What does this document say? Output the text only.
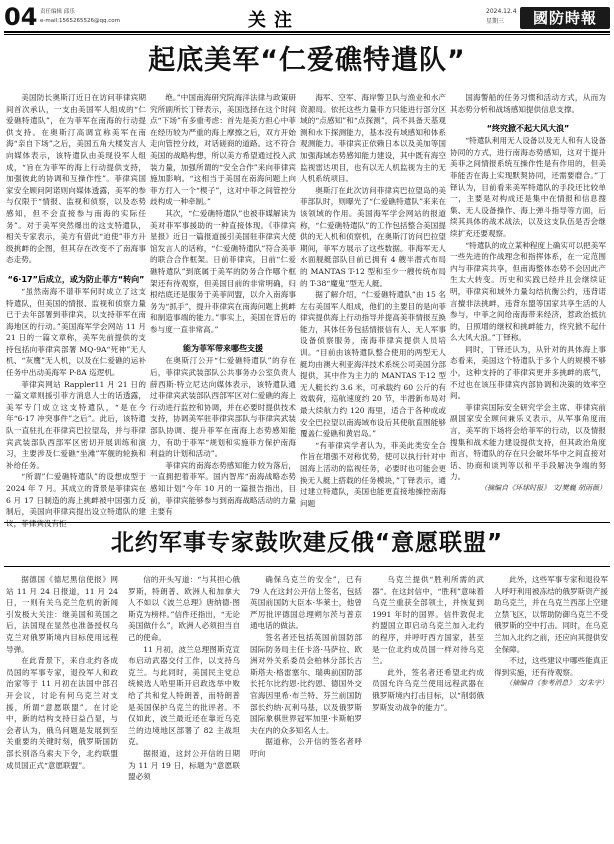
04 责任编辑 邱乐
e-mail:1565265526@qq.com	关注	2024.12.4
星期三	國防時報
起底美军“仁爱礁特遣队”

美国防长奥斯汀近日在访问菲律宾期间首次承认，一支由美国军人组成的“仁爱礁特遣队”，在为菲军在南海的行动提供支持。在奥斯汀高调宣称美军在南海“亲自下场”之后，美国五角大楼发言人向媒体表示，该特遣队由美现役军人组成，“旨在为菲军的海上行动提供支持，加强彼此的协调和互操作性”。菲律宾国家安全顾问阿诺则向媒体透露，美军的参与仅限于“情报、监视和侦察，以及态势感知，但不会直接参与南海的实际任务”。对于美军突然爆出的这支特遣队，相关专家表示，美方有借此“迫使”菲方升级挑衅的企图，但其存在改变不了南海事态走势。

“6·17”后成立，或为防止菲方“转向”

“虽然南海不谱菲军何时成立了这支特遣队，但美国的情报、监视和侦察力量已于去年部署到菲律宾，以支持菲军在南海地区的行动。”美国海军学会网站 11 月 21 日的一篇文章称，美军先前提供的支持包括向菲律宾部署 MQ-9A“死神”无人机、“灰鹰”无人机，以及在仁爱礁的运补任务中出动美海军 P-8A 巡逻机。

菲律宾网站 Rappler11 月 21 日的一篇文章则援引菲方消息人士的话透露，美军专门成立这支特遣队，“是在今年“6·17 冲突事件”之后”。此后，该特遣队一直驻扎在菲律宾巴拉望岛，并与菲律宾武装部队西部军区密切开展训练和演习，主要涉及仁爱礁“坐滩”军舰的轮换和补给任务。

“所谓”仁爱礁特遣队”的设想成型于 2024 年 7 月。其成立的背景是菲律宾在 6 月 17 日制造的海上挑衅被中国强力反制后，美国向菲律宾提出设立特遣队的建议，菲律宾没有拒

绝。”中国南海研究院海洋法律与政策研究所副所长丁铎表示，美国选择在这个时间点“下场”有多重考虑：首先是美方担心中菲在经历较为严重的海上摩擦之后，双方开始走向管控分歧，对话磋商的道路。这不符合美国的战略构想，所以美方希望通过投入武装力量，加强所谓的“安全合作”来向菲律宾施加影响。“这相当于美国在南海问题上向菲方打入一个“楔子”，这对中菲之间管控分歧构成一种牵制。”

其次，“仁爱礁特遣队”也被菲媒解读为美对菲军事援助的一种直接体现。《菲律宾星报》近日一篇报道援引美国驻菲律宾大使馆发言人的话称，“仁爱礁特遣队”符合美菲的联合合作框架。日前菲律宾，日前“仁爱礁特遣队”到底属于美军的防务合作哪个框架还有待观察，但美国目前的非常明确，归根结底还是服务于美菲同盟，以介入南海事务为“抓手”，提升菲律宾在南海问题上挑衅和制造事端的能力。”事实上，美国在背后的参与度一直非常高。”

能为菲军带来哪些支援

在奥斯汀公开“仁爱礁特遣队”的存在后，菲律宾武装部队公共事务办公室负责人薛西斯·特立尼达向媒体表示，该特遣队通过菲律宾武装部队西部军区对仁爱礁的海上行动进行监控和协调，并在必要时提供技术支持，协调美军驻菲律宾部队与菲律宾武装部队协调、提升菲军在南海上态势感知能力，有助于菲军“规划和实施菲方保护南海利益的计划和活动”。

菲律宾的南海态势感知能力较为落后，一直拥把着菲军。国内智库“南海战略态势感知计划”今年 10 月的一篇报告指出，目前，菲律宾能够参与到南海战略活动的力量主要有

海军、空军、海岸警卫队与渔业和水产资源局。依托这些力量菲方只能进行部分区域的“点感知”和“点探测”，尚不具备天基观测和水下探测能力，基本没有域感知和体系观测能力。菲律宾正依赖日本以及美加等国加强海域态势感知能力建设，其中既有海空监视雷达项目，也有以无人机监视为主的无人机系统项目。

奥斯汀在此次访问菲律宾巴拉望岛的美菲部队时，则曝光了“仁爱礁特遣队”来来在该领域的作用。美国海军学会网站的报道称，“仁爱礁特遣队”的工作包括整合美国提供的无人机和侦察机，在奥斯汀访问巴拉望期间，菲军方展示了这些数据。菲海军无人水面舰艇部队目前已拥有 4 艘半潜式布局的 MANTAS T-12 型和至少一艘传统布局的 T-38“魔鬼”型无人艇。

据了解介绍，“仁爱礁特遣队”由 15 名左右美国军人组成，他们的主要目的是向菲律宾提供海上行动指导并提高美菲情报互换能力，其体任务包括情报信有人、无人军事设备侦察服务，南海菲律宾提供人员培训。“目前由该特遣队整合使用的两型无人艇均由澳大利亚海洋技术系统公司美国分部提供，其中作为主力的 MANTAS T-12 型无人艇长约 3.6 米，可承载约 60 公斤的有效载荷，巡航速度约 20 节，半潜新布局对最大续航力约 120 海里，适合于各种成或安全巴拉望以南海域布设后其使航直围能够覆盖仁爱礁和黄岩岛。”

“有菲律宾学者认为，菲美此类安全合作旨在增强不对称优势，使可以执行针对中国海上活动的监视任务，必要时也可能会更换无人艇上搭载的任务模块，”丁铎表示，通过建立特遣队，美国也能更直接地操控南海问题

国海警船的任务习惯和活动方式，从而为其态势分析和战场感知提供信息支撑。

“终究掀不起大风大浪”

“特遣队利用无人设备以及无人和有人设备协同的方式，进行南海态势感知，这对于提升美菲之间情报系统互操作性是有作用的，但美菲能否在海上实现默契协同，还需要磨合。”丁铎认为，目前看来美军特遣队的手段还比较单一，主要是对构成还是集中在情报和信息搜集、无人设备操作、海上弹斗指导等方面，后续其具体的战术战法，以及这支队伍是否会继续扩充还要观察。

“特遣队的成立某种程度上确实可以把美军一些先进的作战理念和指挥体系，在一定范围内与菲律宾共享，但南海整体态势不会因此产生太大转变。历史和实践已经并且会继续证明，菲律宾和域外力量勾结抗衡公约，违背诺言擅非法挑衅，违背东盟等国家共享生活的人参与，中菲之间给南海带来经济，惹政治抵抗的，日照增的继权和挑衅能力，终究掀不起什么大风大浪。”丁铎称。

同时，丁铎还认为，从针对的具体海上事态看来，美国这个特遣队于多个人的规模不够小，这种支持的了菲律宾更并多挑衅的底气，不过也在该压菲律宾内部协调和决策的效率空间。

菲律宾国际安全研究学会主席、菲律宾前副国家安全顾问兼乐义表示，从军事角度而言，美军的下场将会给菲军的行动，以及情报搜集和战术能力建设提供支持，但其政治角度而言，特遣队的存在只会破坏华中之间直接对话、协商和谈判等以和平手段解决争端的努力。

（摘编自《环球时报》 文/樊巍 胡雨薇）

北约军事专家鼓吹建反俄“意愿联盟”

据德国《德尼黑信使报》网站 11 月 24 日报道，11 月 24 日，一则有关乌克兰危机的新闻引发极大关注：继美国和英国之后，法国现在显然也准备授权乌克兰对俄罗斯境内目标使用远程导弹。

在此背景下，来自北约各成员国的军事专家，退役军人和政治家等于 11 月初在法国中部召开会议，讨论有何乌克兰对支援，所谓“意愿联盟”。在讨论中，新的结构支持日益凸显，与会者认为，俄乌问题是发展到至关重要的关键时刻，俄罗斯国防部长别洛乌索夫下令，北约联盟成员国正式“意愿联盟”。

信的开头写道：“与其担心俄罗斯，特朗普、欧洲人和加拿大人不如以《波兰总理》唐纳德·图斯克为榜样。”信件还指出，“无论美国做什么”，欧洲人必须担当自己的使命。

11 月初，波兰总理图斯克宣布启动武器交付工作，以支持乌克兰。与此同时，美国民主党总统候选人哈里斯开启政选举中败给了共和党人特朗普，而特朗普是美国保护乌克兰的批评者。不仅如此，波兰最近还在靠近乌克兰的边境地区部署了 82 主战坦克。

据报道，这封公开信的日期为 11 月 19 日，标题为“意愿联盟必须

确保乌克兰的安全”，已有 79 人在这封公开信上签名，包括英国前国防大臣本·华莱士，他曾严厉批评德国总理朔尔茨与普京通电话的做法。

签名者还包括英国前国防部国际防务局主任卡洛·马萨拉、欧洲对外关系委员会柏林分部长古斯塔夫·格雷塞尔、瑞典前国防部长托尔比约恩·比约恩、德国外交官海因里希·布兰特、芬兰前国防部长约纳·瓦利马基，以及俄罗斯国际象棋世界冠军加里·卡斯帕罗夫在内的众多知名人士。

据道称，公开信的签名者呼吁向

乌克兰提供“胜利所需的武器”。在这封信中，“胜利”意味着乌克兰重获全部领土，并恢复到 1991 年时的国界。信件敦促北约盟国立即启动乌克兰加入北约的程序，并呼吁西方国家，甚至是一位北约成员国一样对待乌克兰。

此外，签名者还希望北约成员国允许乌克兰使用远程武器在俄罗斯境内打击目标，以“削弱俄罗斯发动战争的能力”。

此外，这些军事专家和退役军人呼吁利用被冻结的俄罗斯资产援助乌克兰，并在乌克兰西部上空建立禁飞区，以帮助防御乌克兰不受俄罗斯的空中打击。同时，在乌克兰加入北约之前，还应向其提供安全保障。

不过，这些建议中哪些能真正得到实施，还有待观察。

（摘编自《参考消息》 文/朱宇）
